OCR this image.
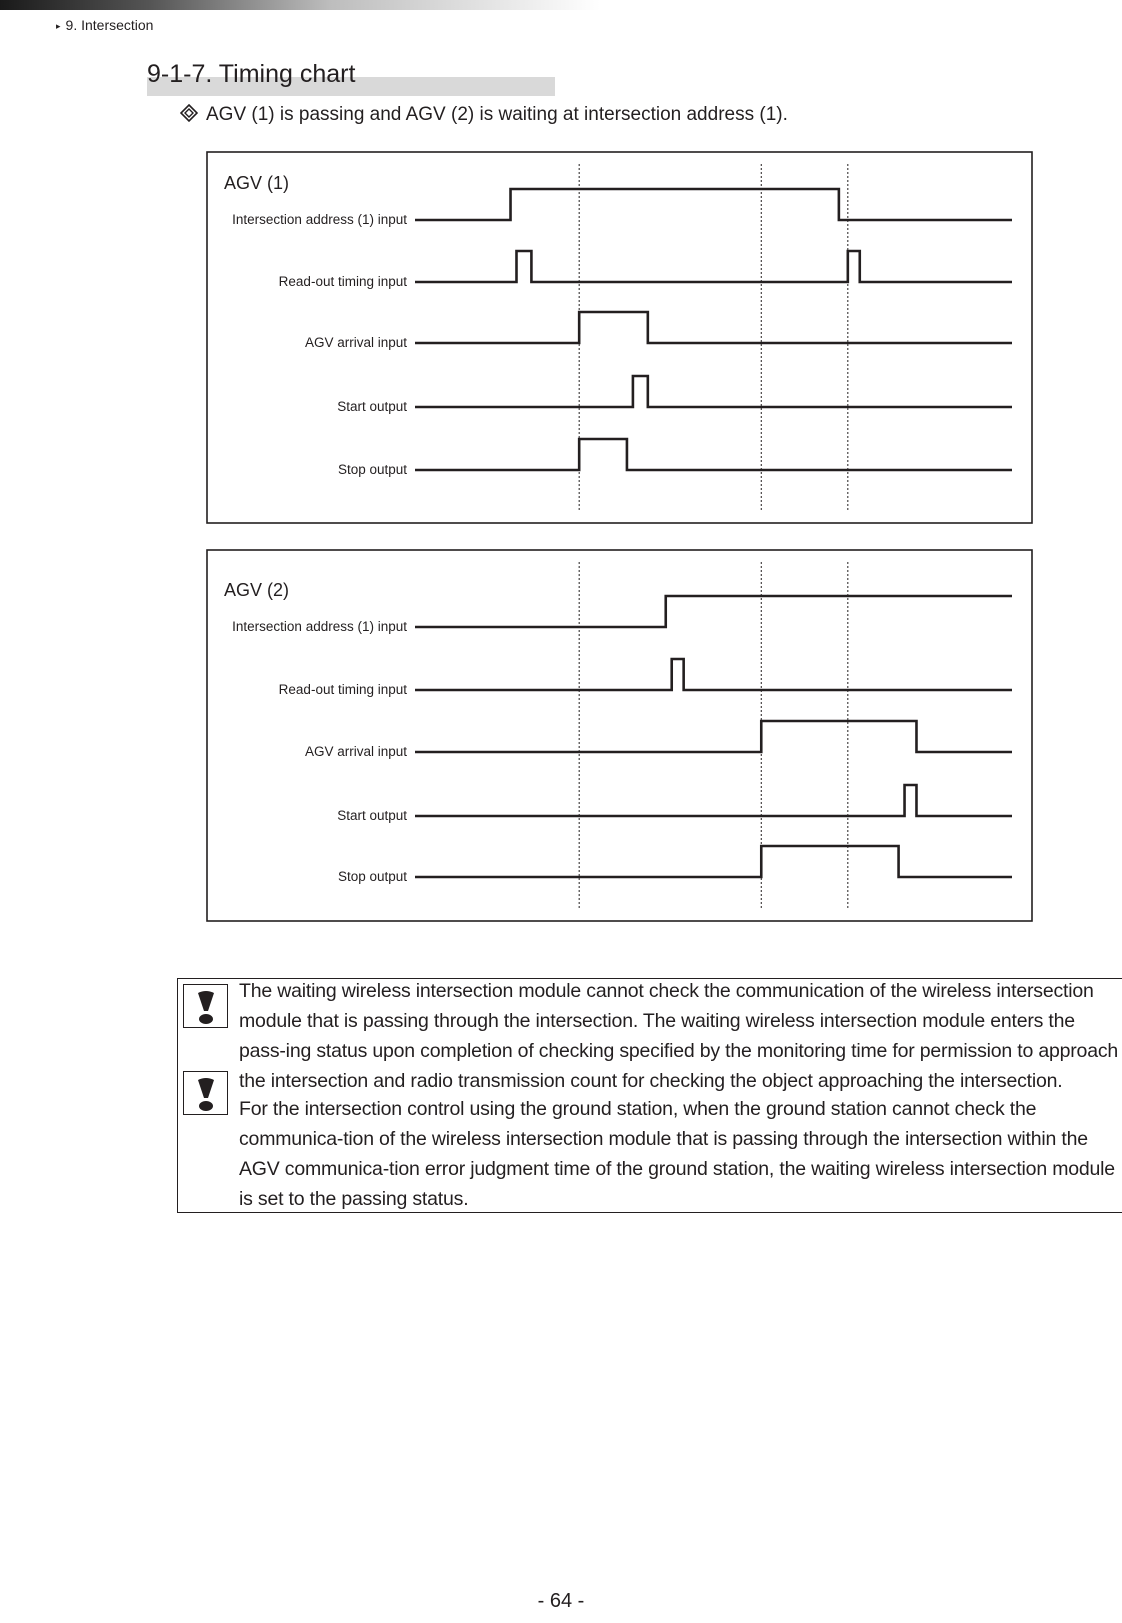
▸ 9. Intersection
9-1-7. Timing chart
AGV (1) is passing and AGV (2) is waiting at intersection address (1).
AGV (1)
Intersection address (1) input
Read-out timing input
AGV arrival input
Start output
Stop output
AGV (2)
Intersection address (1) input
Read-out timing input
AGV arrival input
Start output
Stop output
The waiting wireless intersection module cannot check the communication of the wireless intersection module that is passing through the intersection. The waiting wireless intersection module enters the pass-ing status upon completion of checking specified by the monitoring time for permission to approach the intersection and radio transmission count for checking the object approaching the intersection.
For the intersection control using the ground station, when the ground station cannot check the communica-tion of the wireless intersection module that is passing through the intersection within the AGV communica-tion error judgment time of the ground station, the waiting wireless intersection module is set to the passing status.
- 64 -
